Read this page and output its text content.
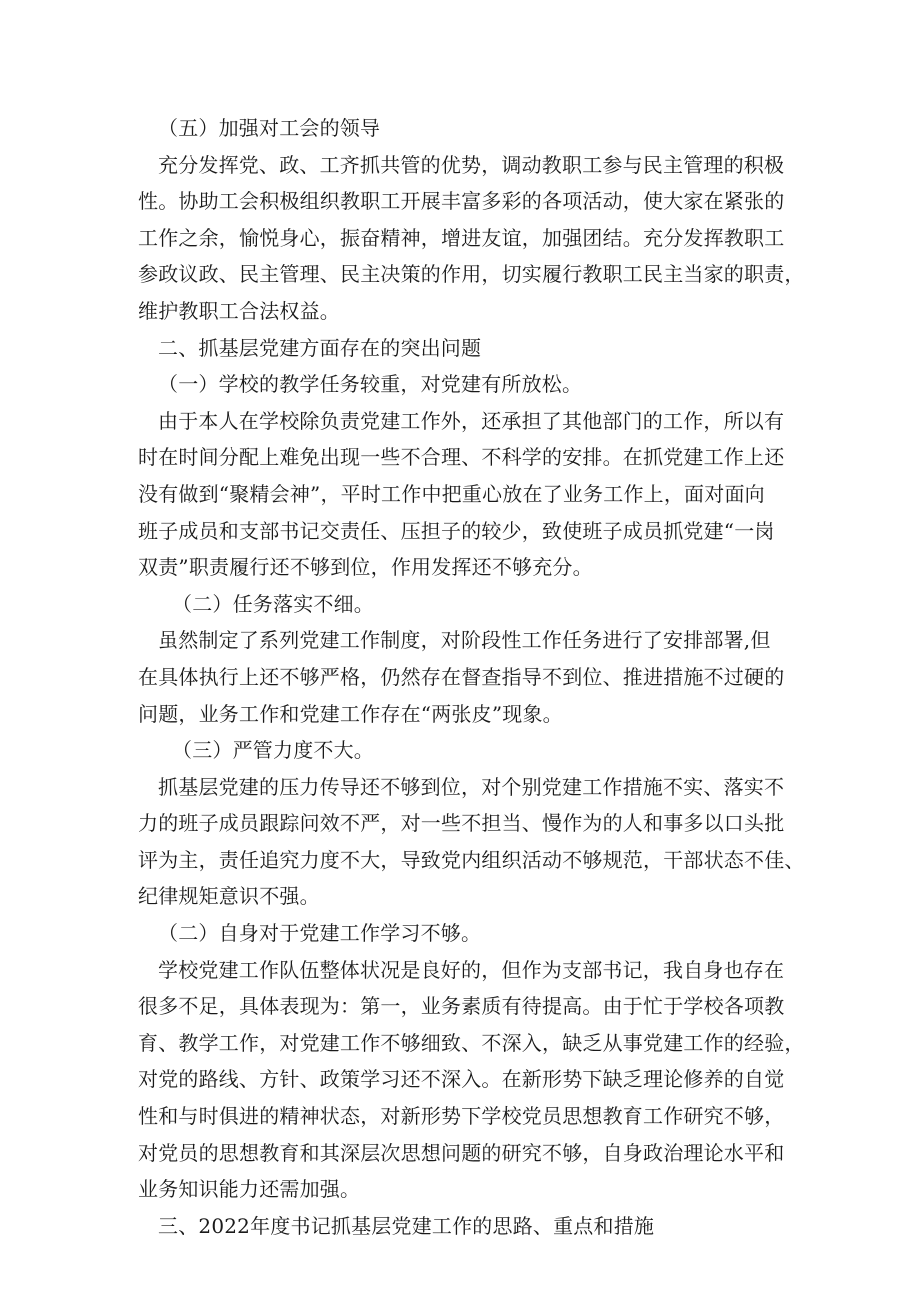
（五）加强对工会的领导
充分发挥党、政、工齐抓共管的优势，调动教职工参与民主管理的积极
性。协助工会积极组织教职工开展丰富多彩的各项活动，使大家在紧张的
工作之余，愉悦身心，振奋精神，增进友谊，加强团结。充分发挥教职工
参政议政、民主管理、民主决策的作用，切实履行教职工民主当家的职责，
维护教职工合法权益。
二、抓基层党建方面存在的突出问题
（一）学校的教学任务较重，对党建有所放松。
由于本人在学校除负责党建工作外，还承担了其他部门的工作，所以有
时在时间分配上难免出现一些不合理、不科学的安排。在抓党建工作上还
没有做到“聚精会神”，平时工作中把重心放在了业务工作上，面对面向
班子成员和支部书记交责任、压担子的较少，致使班子成员抓党建“一岗
双责”职责履行还不够到位，作用发挥还不够充分。
（二）任务落实不细。
虽然制定了系列党建工作制度，对阶段性工作任务进行了安排部署,但
在具体执行上还不够严格，仍然存在督查指导不到位、推进措施不过硬的
问题，业务工作和党建工作存在“两张皮”现象。
（三）严管力度不大。
抓基层党建的压力传导还不够到位，对个别党建工作措施不实、落实不
力的班子成员跟踪问效不严，对一些不担当、慢作为的人和事多以口头批
评为主，责任追究力度不大，导致党内组织活动不够规范，干部状态不佳、
纪律规矩意识不强。
（二）自身对于党建工作学习不够。
学校党建工作队伍整体状况是良好的，但作为支部书记，我自身也存在
很多不足，具体表现为：第一，业务素质有待提高。由于忙于学校各项教
育、教学工作，对党建工作不够细致、不深入，缺乏从事党建工作的经验，
对党的路线、方针、政策学习还不深入。在新形势下缺乏理论修养的自觉
性和与时俱进的精神状态，对新形势下学校党员思想教育工作研究不够，
对党员的思想教育和其深层次思想问题的研究不够，自身政治理论水平和
业务知识能力还需加强。
三、2022年度书记抓基层党建工作的思路、重点和措施
